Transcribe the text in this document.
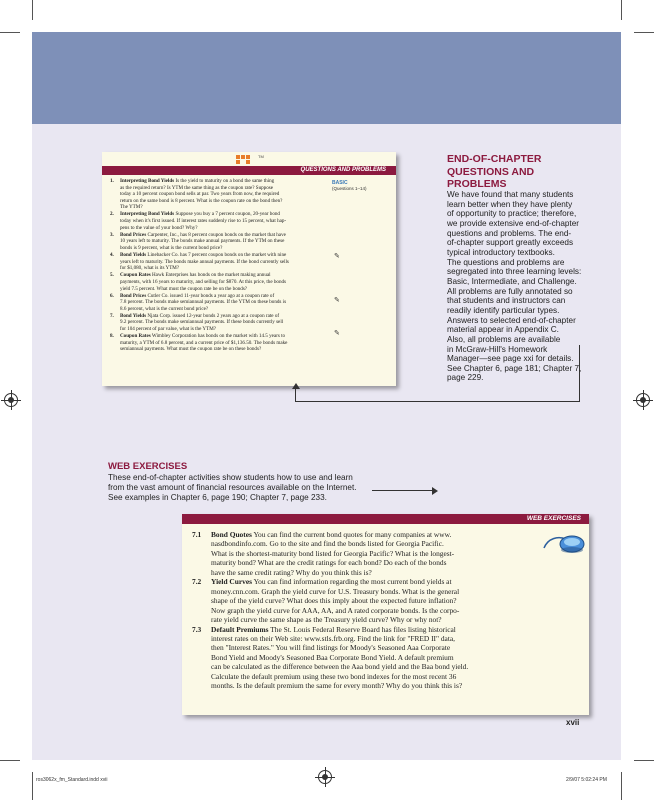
TM
QUESTIONS AND PROBLEMS
BASIC
(Questions 1–14)
✎
✎
✎
1. Interpreting Bond Yields Is the yield to maturity on a bond the same thing
as the required return? Is YTM the same thing as the coupon rate? Suppose
today a 10 percent coupon bond sells at par. Two years from now, the required
return on the same bond is 8 percent. What is the coupon rate on the bond then?
The YTM?
2. Interpreting Bond Yields Suppose you buy a 7 percent coupon, 20-year bond
today when it's first issued. If interest rates suddenly rise to 15 percent, what hap-
pens to the value of your bond? Why?
3. Bond Prices Carpenter, Inc., has 8 percent coupon bonds on the market that have
10 years left to maturity. The bonds make annual payments. If the YTM on these
bonds is 9 percent, what is the current bond price?
4. Bond Yields Linebacker Co. has 7 percent coupon bonds on the market with nine
years left to maturity. The bonds make annual payments. If the bond currently sells
for $1,080, what is its YTM?
5. Coupon Rates Hawk Enterprises has bonds on the market making annual
payments, with 16 years to maturity, and selling for $870. At this price, the bonds
yield 7.5 percent. What must the coupon rate be on the bonds?
6. Bond Prices Cutler Co. issued 11-year bonds a year ago at a coupon rate of
7.8 percent. The bonds make semiannual payments. If the YTM on these bonds is
8.6 percent, what is the current bond price?
7. Bond Yields Njata Corp. issued 12-year bonds 2 years ago at a coupon rate of
9.2 percent. The bonds make semiannual payments. If these bonds currently sell
for 104 percent of par value, what is the YTM?
8. Coupon Rates Wimbley Corporation has bonds on the market with 14.5 years to
maturity, a YTM of 6.8 percent, and a current price of $1,136.50. The bonds make
semiannual payments. What must the coupon rate be on these bonds?
END-OF-CHAPTER
QUESTIONS AND
PROBLEMS
We have found that many students
learn better when they have plenty
of opportunity to practice; therefore,
we provide extensive end-of-chapter
questions and problems. The end-
of-chapter support greatly exceeds
typical introductory textbooks.
The questions and problems are
segregated into three learning levels:
Basic, Intermediate, and Challenge.
All problems are fully annotated so
that students and instructors can
readily identify particular types.
Answers to selected end-of-chapter
material appear in Appendix C.
Also, all problems are available
in McGraw-Hill's Homework
Manager—see page xxi for details.
See Chapter 6, page 181; Chapter 7,
page 229.
WEB EXERCISES
These end-of-chapter activities show students how to use and learn
from the vast amount of financial resources available on the Internet.
See examples in Chapter 6, page 190; Chapter 7, page 233.
WEB EXERCISES
7.1 Bond Quotes You can find the current bond quotes for many companies at www.
nasdbondinfo.com. Go to the site and find the bonds listed for Georgia Pacific.
What is the shortest-maturity bond listed for Georgia Pacific? What is the longest-
maturity bond? What are the credit ratings for each bond? Do each of the bonds
have the same credit rating? Why do you think this is?
7.2 Yield Curves You can find information regarding the most current bond yields at
money.cnn.com. Graph the yield curve for U.S. Treasury bonds. What is the general
shape of the yield curve? What does this imply about the expected future inflation?
Now graph the yield curve for AAA, AA, and A rated corporate bonds. Is the corpo-
rate yield curve the same shape as the Treasury yield curve? Why or why not?
7.3 Default Premiums The St. Louis Federal Reserve Board has files listing historical
interest rates on their Web site: www.stls.frb.org. Find the link for "FRED II" data,
then "Interest Rates." You will find listings for Moody's Seasoned Aaa Corporate
Bond Yield and Moody's Seasoned Baa Corporate Bond Yield. A default premium
can be calculated as the difference between the Aaa bond yield and the Baa bond yield.
Calculate the default premium using these two bond indexes for the most recent 36
months. Is the default premium the same for every month? Why do you think this is?
xvii
ros3062x_fm_Standard.indd xvii	2/9/07 5:02:24 PM
